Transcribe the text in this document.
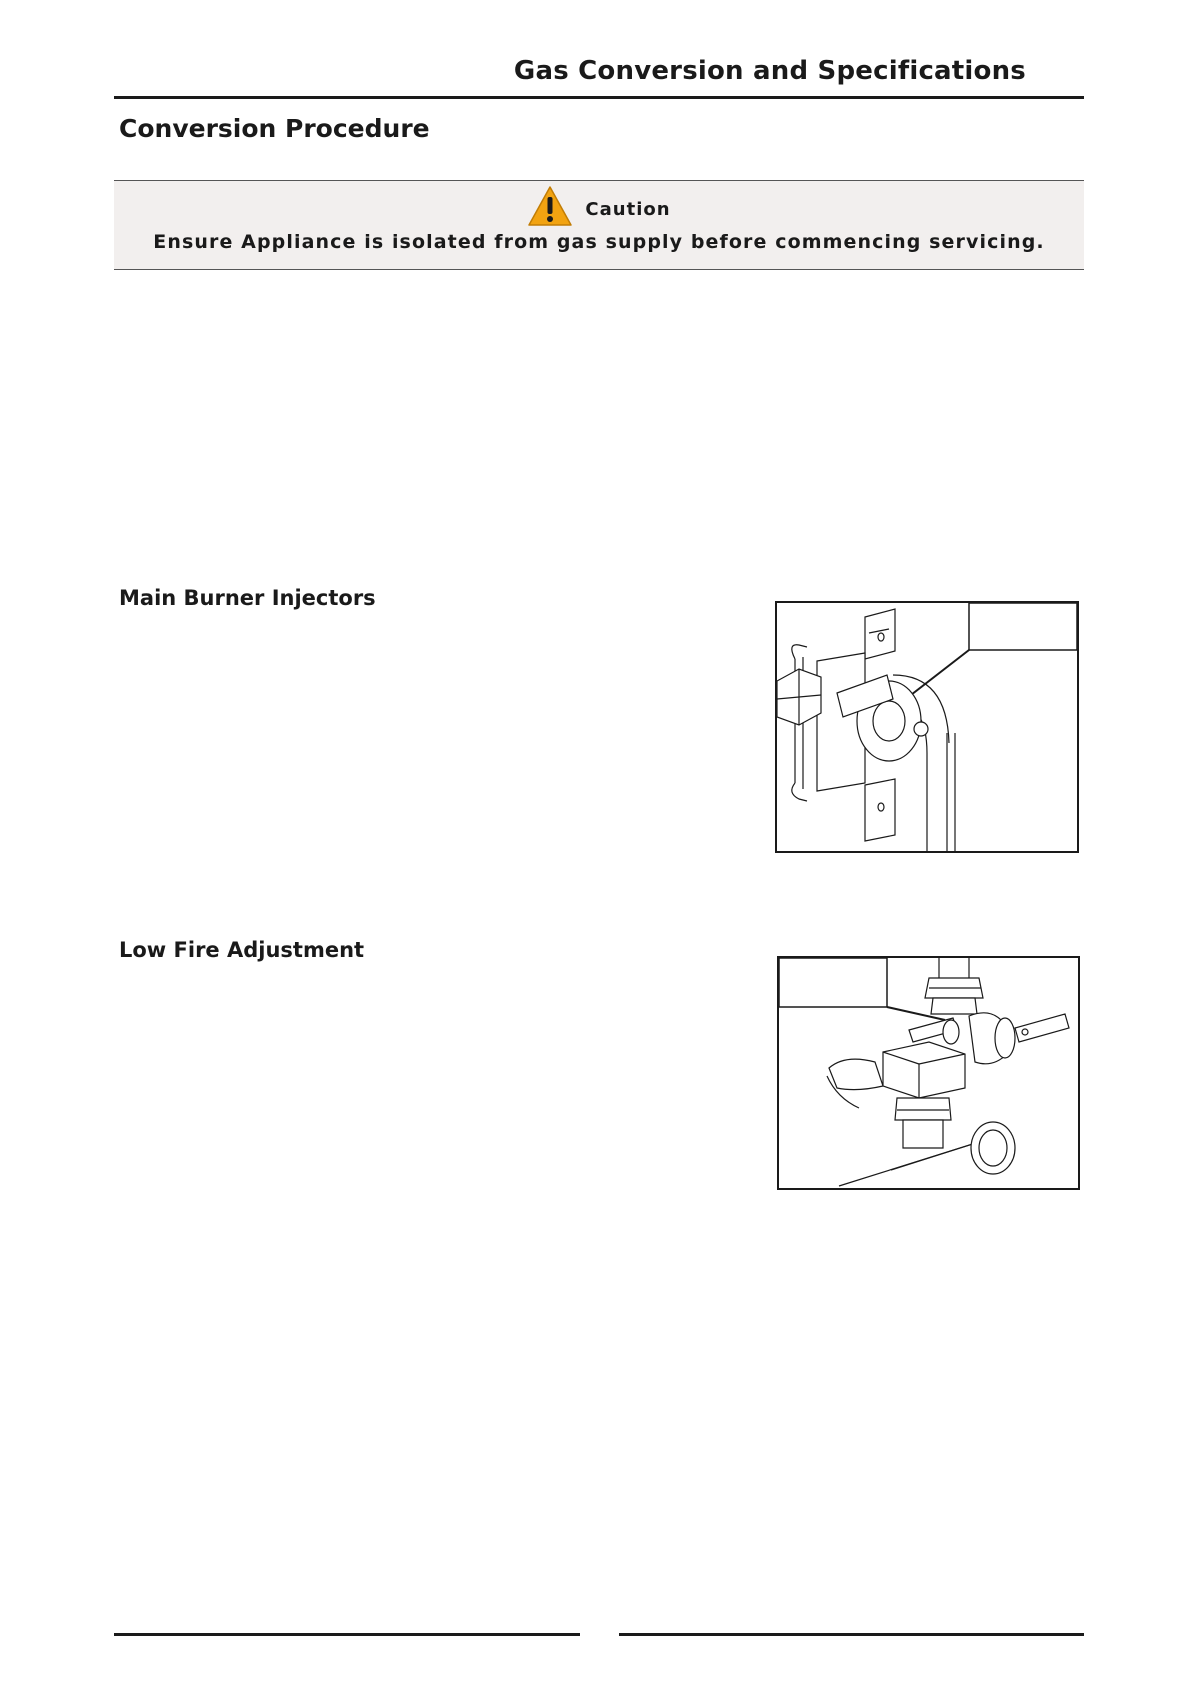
Gas Conversion and Specifications
Conversion Procedure
Caution
Ensure Appliance is isolated from gas supply before commencing servicing.
Main Burner Injectors
Low Fire Adjustment
